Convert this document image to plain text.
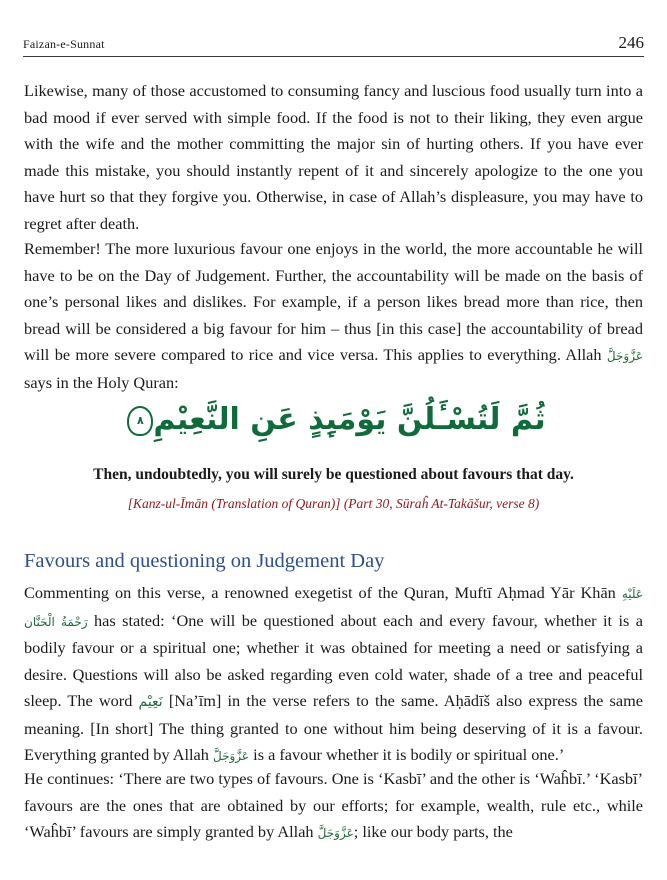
Faizan-e-Sunnat	246

Likewise, many of those accustomed to consuming fancy and luscious food usually turn into a bad mood if ever served with simple food. If the food is not to their liking, they even argue with the wife and the mother committing the major sin of hurting others. If you have ever made this mistake, you should instantly repent of it and sincerely apologize to the one you have hurt so that they forgive you. Otherwise, in case of Allah’s displeasure, you may have to regret after death.

Remember! The more luxurious favour one enjoys in the world, the more accountable he will have to be on the Day of Judgement. Further, the accountability will be made on the basis of one’s personal likes and dislikes. For example, if a person likes bread more than rice, then bread will be considered a big favour for him – thus [in this case] the accountability of bread will be more severe compared to rice and vice versa. This applies to everything. Allah عَزَّوَجَلَّ says in the Holy Quran:

ثُمَّ لَتُسْـَٔلُنَّ يَوْمَىِٕذٍ عَنِ النَّعِيْمِ٨
Then, undoubtedly, you will surely be questioned about favours that day.
[Kanz-ul-Īmān (Translation of Quran)] (Part 30, Sūraĥ At-Takāšur, verse 8)
Favours and questioning on Judgement Day

Commenting on this verse, a renowned exegetist of the Quran, Muftī Aḥmad Yār Khān عَلَيْهِ رَحْمَةُ الْحَنَّان has stated: ‘One will be questioned about each and every favour, whether it is a bodily favour or a spiritual one; whether it was obtained for meeting a need or satisfying a desire. Questions will also be asked regarding even cold water, shade of a tree and peaceful sleep. The word نَعِیْم [Na’īm] in the verse refers to the same. Aḥādīš also express the same meaning. [In short] The thing granted to one without him being deserving of it is a favour. Everything granted by Allah عَزَّوَجَلَّ is a favour whether it is bodily or spiritual one.’

He continues: ‘There are two types of favours. One is ‘Kasbī’ and the other is ‘Waĥbī.’ ‘Kasbī’ favours are the ones that are obtained by our efforts; for example, wealth, rule etc., while ‘Waĥbī’ favours are simply granted by Allah عَزَّوَجَلَّ; like our body parts, the
